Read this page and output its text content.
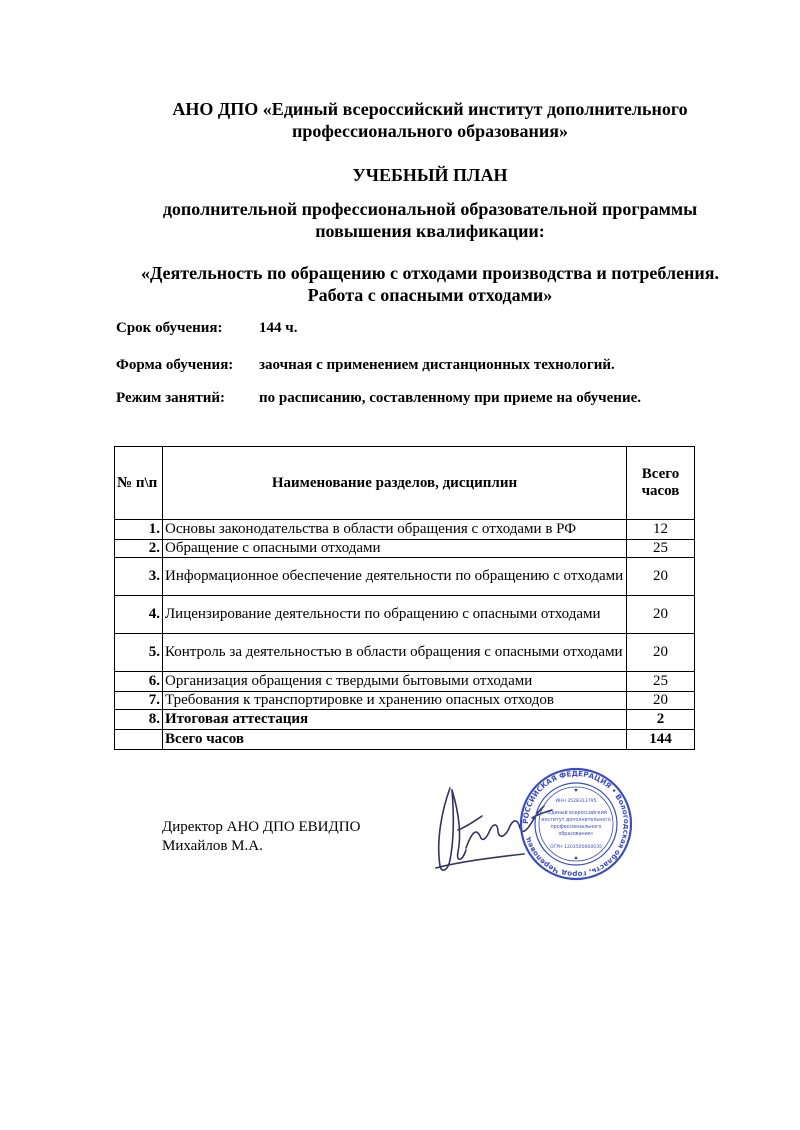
АНО ДПО «Единый всероссийский институт дополнительного
профессионального образования»
УЧЕБНЫЙ ПЛАН
дополнительной профессиональной образовательной программы
повышения квалификации:
«Деятельность по обращению с отходами производства и потребления.
Работа с опасными отходами»
Срок обучения: 144 ч.
Форма обучения: заочная с применением дистанционных технологий.
Режим занятий: по расписанию, составленному при приеме на обучение.
№ п\п	Наименование разделов, дисциплин	Всего
часов

1.	Основы законодательства в области обращения с отходами в РФ	12
2.	Обращение с опасными отходами	25
3.	Информационное обеспечение деятельности по обращению с отходами	20
4.	Лицензирование деятельности по обращению с опасными отходами	20
5.	Контроль за деятельностью в области обращения с опасными отходами	20
6.	Организация обращения с твердыми бытовыми отходами	25
7.	Требования к транспортировке и хранению опасных отходов	20
8.	Итоговая аттестация	2
	Всего часов	144
Директор АНО ДПО ЕВИДПО
Михайлов М.А.
РОССИЙСКАЯ ФЕДЕРАЦИЯ • Вологодская область, город Череповец
ИНН 3528313795
«Единый всероссийский
институт дополнительного
профессионального
образования»
ОГРН 1203500000035
